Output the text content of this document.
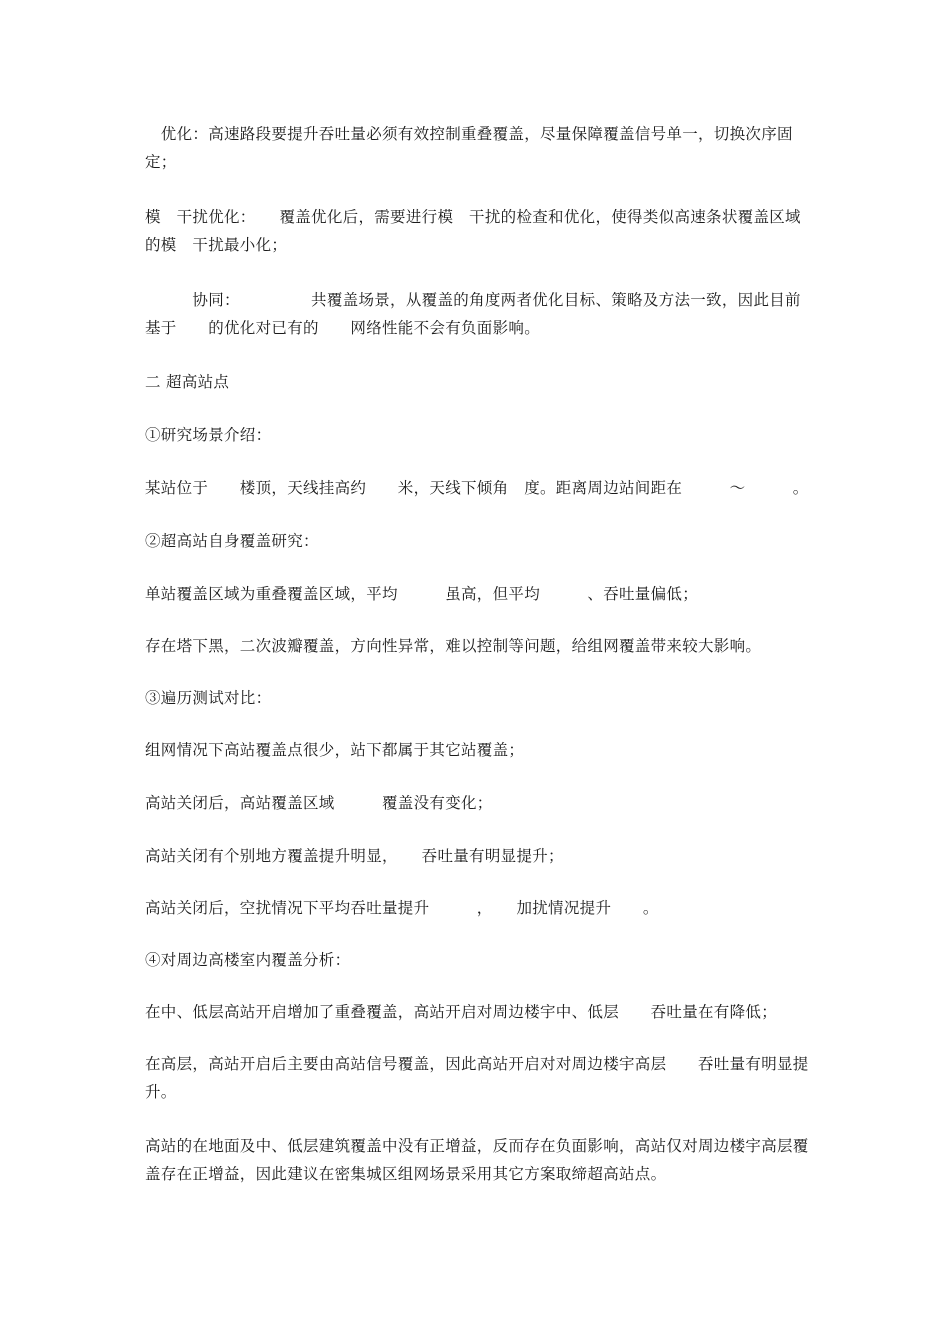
　优化：高速路段要提升吞吐量必须有效控制重叠覆盖，尽量保障覆盖信号单一，切换次序固定；

模　干扰优化：　　覆盖优化后，需要进行模　干扰的检查和优化，使得类似高速条状覆盖区域的模　干扰最小化；

　　　协同：　　　　　共覆盖场景，从覆盖的角度两者优化目标、策略及方法一致，因此目前基于　　的优化对已有的　　网络性能不会有负面影响。

二 超高站点

①研究场景介绍：

某站位于　　楼顶，天线挂高约　　米，天线下倾角　度。距离周边站间距在　　　～　　　。

②超高站自身覆盖研究：

单站覆盖区域为重叠覆盖区域，平均　　　虽高，但平均　　　、吞吐量偏低；

存在塔下黑，二次波瓣覆盖，方向性异常，难以控制等问题，给组网覆盖带来较大影响。

③遍历测试对比：

组网情况下高站覆盖点很少，站下都属于其它站覆盖；

高站关闭后，高站覆盖区域　　　覆盖没有变化；

高站关闭有个别地方覆盖提升明显，　　吞吐量有明显提升；

高站关闭后，空扰情况下平均吞吐量提升　　　，　　加扰情况提升　　。

④对周边高楼室内覆盖分析：

在中、低层高站开启增加了重叠覆盖，高站开启对周边楼宇中、低层　　吞吐量在有降低；

在高层，高站开启后主要由高站信号覆盖，因此高站开启对对周边楼宇高层　　吞吐量有明显提升。

高站的在地面及中、低层建筑覆盖中没有正增益，反而存在负面影响，高站仅对周边楼宇高层覆盖存在正增益，因此建议在密集城区组网场景采用其它方案取缔超高站点。
